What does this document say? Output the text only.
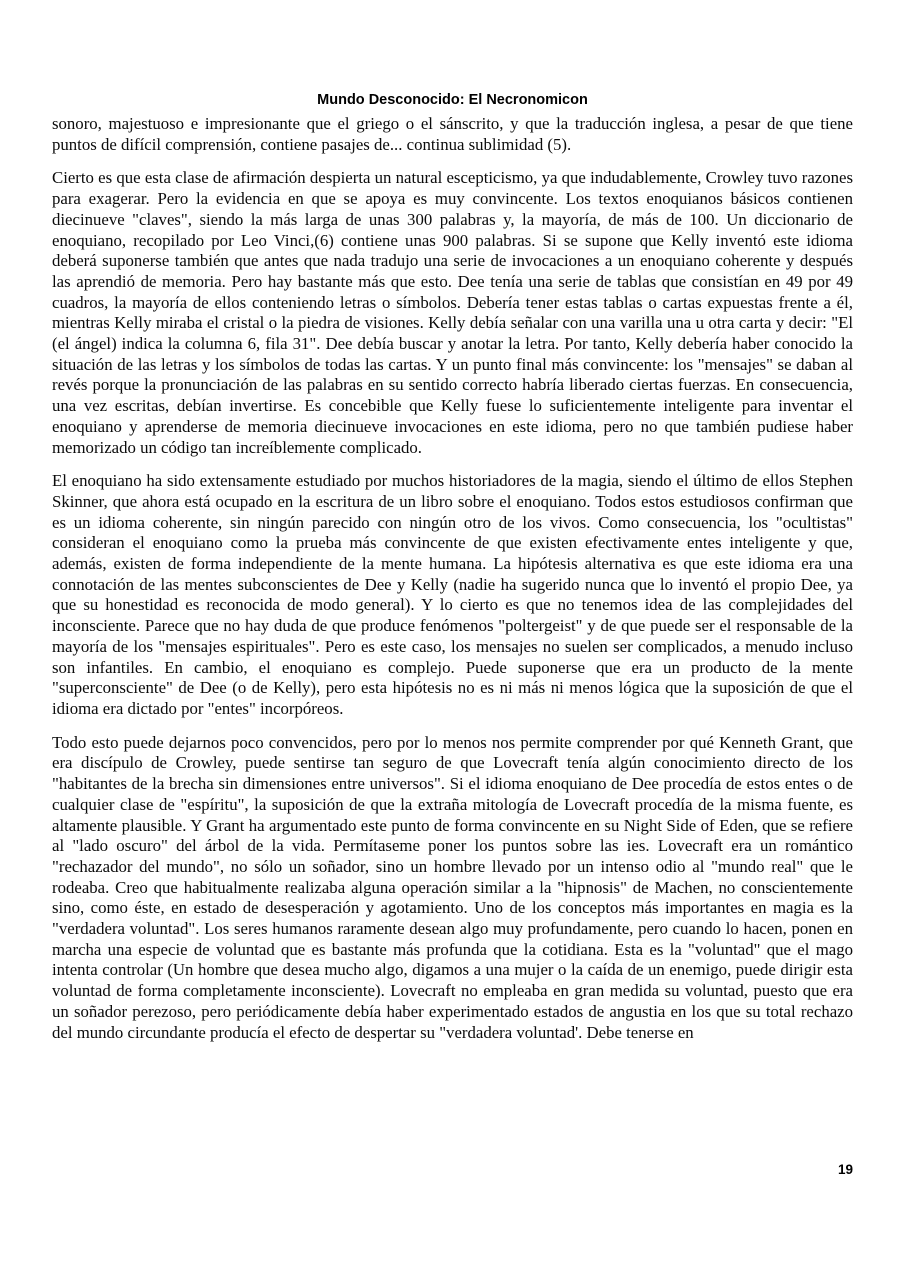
Mundo Desconocido: El Necronomicon

sonoro, majestuoso e impresionante que el griego o el sánscrito, y que la traducción inglesa, a pesar de que tiene puntos de difícil comprensión, contiene pasajes de... continua sublimidad (5).

Cierto es que esta clase de afirmación despierta un natural escepticismo, ya que indudablemente, Crowley tuvo razones para exagerar. Pero la evidencia en que se apoya es muy convincente. Los textos enoquianos básicos contienen diecinueve "claves", siendo la más larga de unas 300 palabras y, la mayoría, de más de 100. Un diccionario de enoquiano, recopilado por Leo Vinci,(6) contiene unas 900 palabras. Si se supone que Kelly inventó este idioma deberá suponerse también que antes que nada tradujo una serie de invocaciones a un enoquiano coherente y después las aprendió de memoria. Pero hay bastante más que esto. Dee tenía una serie de tablas que consistían en 49 por 49 cuadros, la mayoría de ellos conteniendo letras o símbolos. Debería tener estas tablas o cartas expuestas frente a él, mientras Kelly miraba el cristal o la piedra de visiones. Kelly debía señalar con una varilla una u otra carta y decir: "El (el ángel) indica la columna 6, fila 31". Dee debía buscar y anotar la letra. Por tanto, Kelly debería haber conocido la situación de las letras y los símbolos de todas las cartas. Y un punto final más convincente: los "mensajes" se daban al revés porque la pronunciación de las palabras en su sentido correcto habría liberado ciertas fuerzas. En consecuencia, una vez escritas, debían invertirse. Es concebible que Kelly fuese lo suficientemente inteligente para inventar el enoquiano y aprenderse de memoria diecinueve invocaciones en este idioma, pero no que también pudiese haber memorizado un código tan increíblemente complicado.

El enoquiano ha sido extensamente estudiado por muchos historiadores de la magia, siendo el último de ellos Stephen Skinner, que ahora está ocupado en la escritura de un libro sobre el enoquiano. Todos estos estudiosos confirman que es un idioma coherente, sin ningún parecido con ningún otro de los vivos. Como consecuencia, los "ocultistas" consideran el enoquiano como la prueba más convincente de que existen efectivamente entes inteligente y que, además, existen de forma independiente de la mente humana. La hipótesis alternativa es que este idioma era una connotación de las mentes subconscientes de Dee y Kelly (nadie ha sugerido nunca que lo inventó el propio Dee, ya que su honestidad es reconocida de modo general). Y lo cierto es que no tenemos idea de las complejidades del inconsciente. Parece que no hay duda de que produce fenómenos "poltergeist" y de que puede ser el responsable de la mayoría de los "mensajes espirituales". Pero es este caso, los mensajes no suelen ser complicados, a menudo incluso son infantiles. En cambio, el enoquiano es complejo. Puede suponerse que era un producto de la mente "superconsciente" de Dee (o de Kelly), pero esta hipótesis no es ni más ni menos lógica que la suposición de que el idioma era dictado por "entes" incorpóreos.

Todo esto puede dejarnos poco convencidos, pero por lo menos nos permite comprender por qué Kenneth Grant, que era discípulo de Crowley, puede sentirse tan seguro de que Lovecraft tenía algún conocimiento directo de los "habitantes de la brecha sin dimensiones entre universos". Si el idioma enoquiano de Dee procedía de estos entes o de cualquier clase de "espíritu", la suposición de que la extraña mitología de Lovecraft procedía de la misma fuente, es altamente plausible. Y Grant ha argumentado este punto de forma convincente en su Night Side of Eden, que se refiere al "lado oscuro" del árbol de la vida. Permítaseme poner los puntos sobre las ies. Lovecraft era un romántico "rechazador del mundo", no sólo un soñador, sino un hombre llevado por un intenso odio al "mundo real" que le rodeaba. Creo que habitualmente realizaba alguna operación similar a la "hipnosis" de Machen, no conscientemente sino, como éste, en estado de desesperación y agotamiento. Uno de los conceptos más importantes en magia es la "verdadera voluntad". Los seres humanos raramente desean algo muy profundamente, pero cuando lo hacen, ponen en marcha una especie de voluntad que es bastante más profunda que la cotidiana. Esta es la "voluntad" que el mago intenta controlar (Un hombre que desea mucho algo, digamos a una mujer o la caída de un enemigo, puede dirigir esta voluntad de forma completamente inconsciente). Lovecraft no empleaba en gran medida su voluntad, puesto que era un soñador perezoso, pero periódicamente debía haber experimentado estados de angustia en los que su total rechazo del mundo circundante producía el efecto de despertar su "verdadera voluntad'. Debe tenerse en

19
